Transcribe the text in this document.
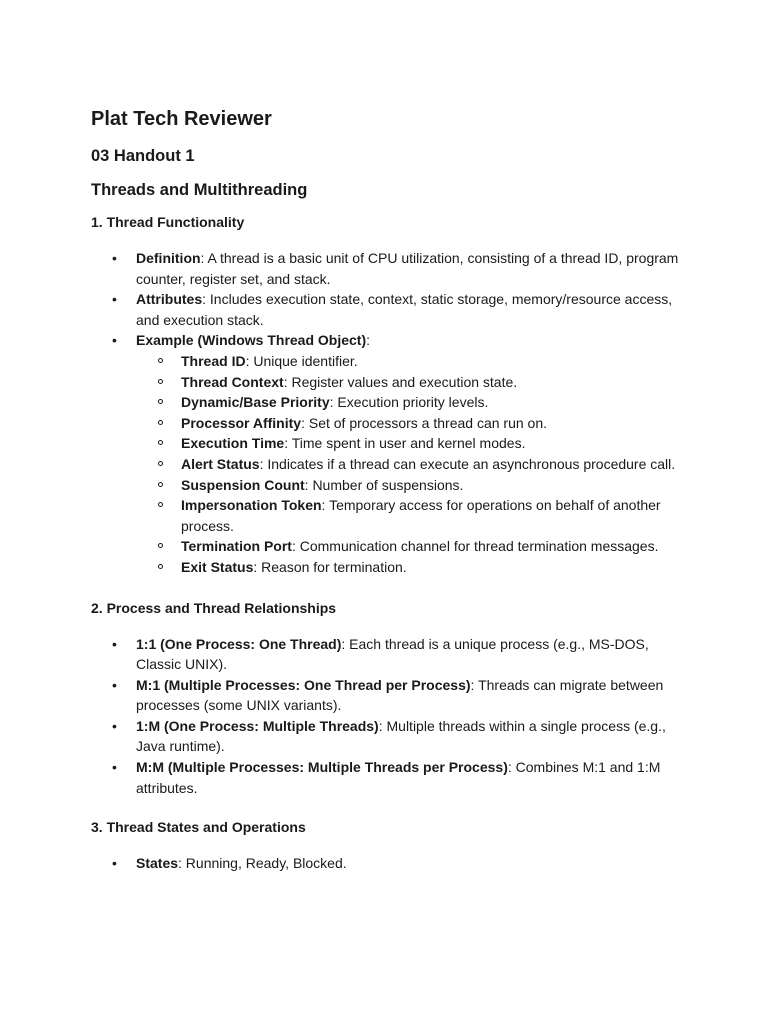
Plat Tech Reviewer
03 Handout 1
Threads and Multithreading
1. Thread Functionality
• Definition: A thread is a basic unit of CPU utilization, consisting of a thread ID, program counter, register set, and stack.
• Attributes: Includes execution state, context, static storage, memory/resource access, and execution stack.
• Example (Windows Thread Object):
Thread ID: Unique identifier.
Thread Context: Register values and execution state.
Dynamic/Base Priority: Execution priority levels.
Processor Affinity: Set of processors a thread can run on.
Execution Time: Time spent in user and kernel modes.
Alert Status: Indicates if a thread can execute an asynchronous procedure call.
Suspension Count: Number of suspensions.
Impersonation Token: Temporary access for operations on behalf of another process.
Termination Port: Communication channel for thread termination messages.
Exit Status: Reason for termination.
2. Process and Thread Relationships
• 1:1 (One Process: One Thread): Each thread is a unique process (e.g., MS-DOS, Classic UNIX).
• M:1 (Multiple Processes: One Thread per Process): Threads can migrate between processes (some UNIX variants).
• 1:M (One Process: Multiple Threads): Multiple threads within a single process (e.g., Java runtime).
• M:M (Multiple Processes: Multiple Threads per Process): Combines M:1 and 1:M attributes.
3. Thread States and Operations
• States: Running, Ready, Blocked.
